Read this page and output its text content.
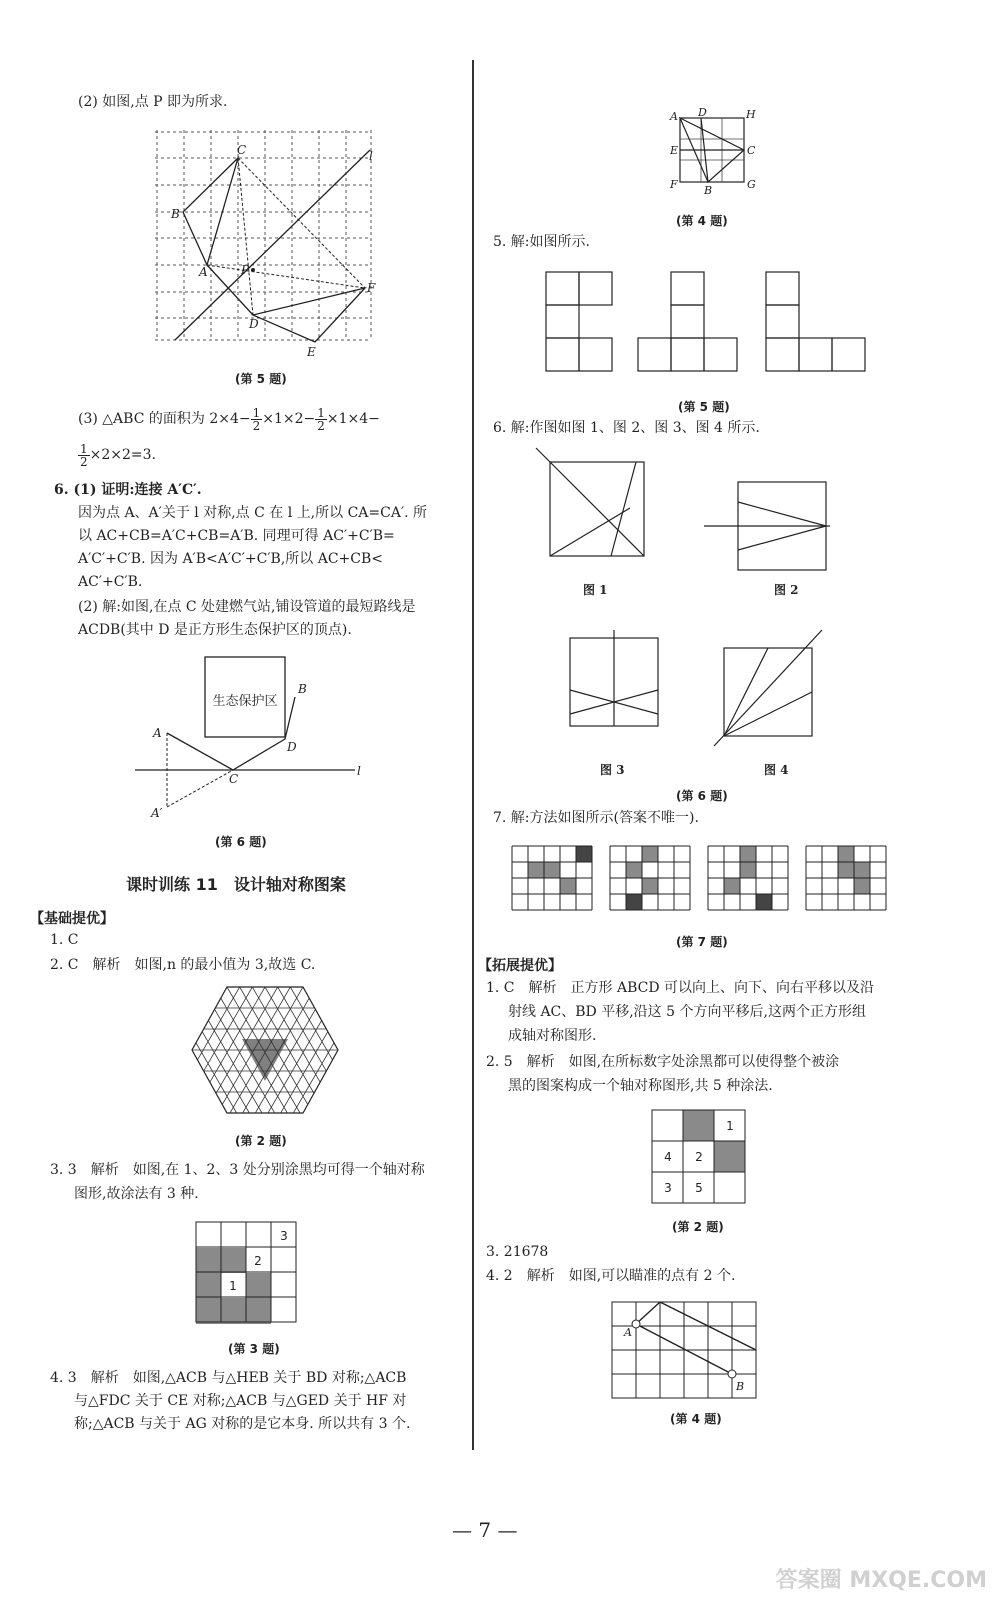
(2) 如图,点 P 即为所求.
C
B
A	P
D
E
F
l
(第 5 题)
(3) △ABC 的面积为 $2\times 4- \frac{1}{2} \times 1\times 2- \frac{1}{2} \times 1\times 4-$
$\frac{1}{2} \times 2\times 2=3$.
6. (1) 证明:连接 A′C′.
因为点 A、A′关于 l 对称,点 C 在 l 上,所以 CA=CA′. 所
以 AC+CB=A′C+CB=A′B. 同理可得 AC′+C′B=
A′C′+C′B. 因为 A′B<A′C′+C′B,所以 AC+CB<
AC′+C′B.
(2) 解:如图,在点 C 处建燃气站,铺设管道的最短路线是
ACDB(其中 D 是正方形生态保护区的顶点).
生态保护区
A
B
C
D
A′
l
(第 6 题)
课时训练 11　设计轴对称图案
【基础提优】
1. C
2. C　解析　如图,n 的最小值为 3,故选 C.
(第 2 题)
3. 3　解析　如图,在 1、2、3 处分别涂黑均可得一个轴对称
图形,故涂法有 3 种.
1
2
3
(第 3 题)
4. 3　解析　如图,△ACB 与△HEB 关于 BD 对称;△ACB
与△FDC 关于 CE 对称;△ACB 与△GED 关于 HF 对
称;△ACB 与关于 AG 对称的是它本身. 所以共有 3 个.
A D	H
E	C
F B	G
(第 4 题)
5. 解:如图所示.
(第 5 题)
6. 解:作图如图 1、图 2、图 3、图 4 所示.
图 1	图 2
图 3	图 4
(第 6 题)
7. 解:方法如图所示(答案不唯一).
(第 7 题)
【拓展提优】
1. C　解析　正方形 ABCD 可以向上、向下、向右平移以及沿
射线 AC、BD 平移,沿这 5 个方向平移后,这两个正方形组
成轴对称图形.
2. 5　解析　如图,在所标数字处涂黑都可以使得整个被涂
黑的图案构成一个轴对称图形,共 5 种涂法.
1
4 2
3 5
(第 2 题)
3. 21678
4. 2　解析　如图,可以瞄准的点有 2 个.
A
B
(第 4 题)
— 7 —
答案圈 MXQE.COM
